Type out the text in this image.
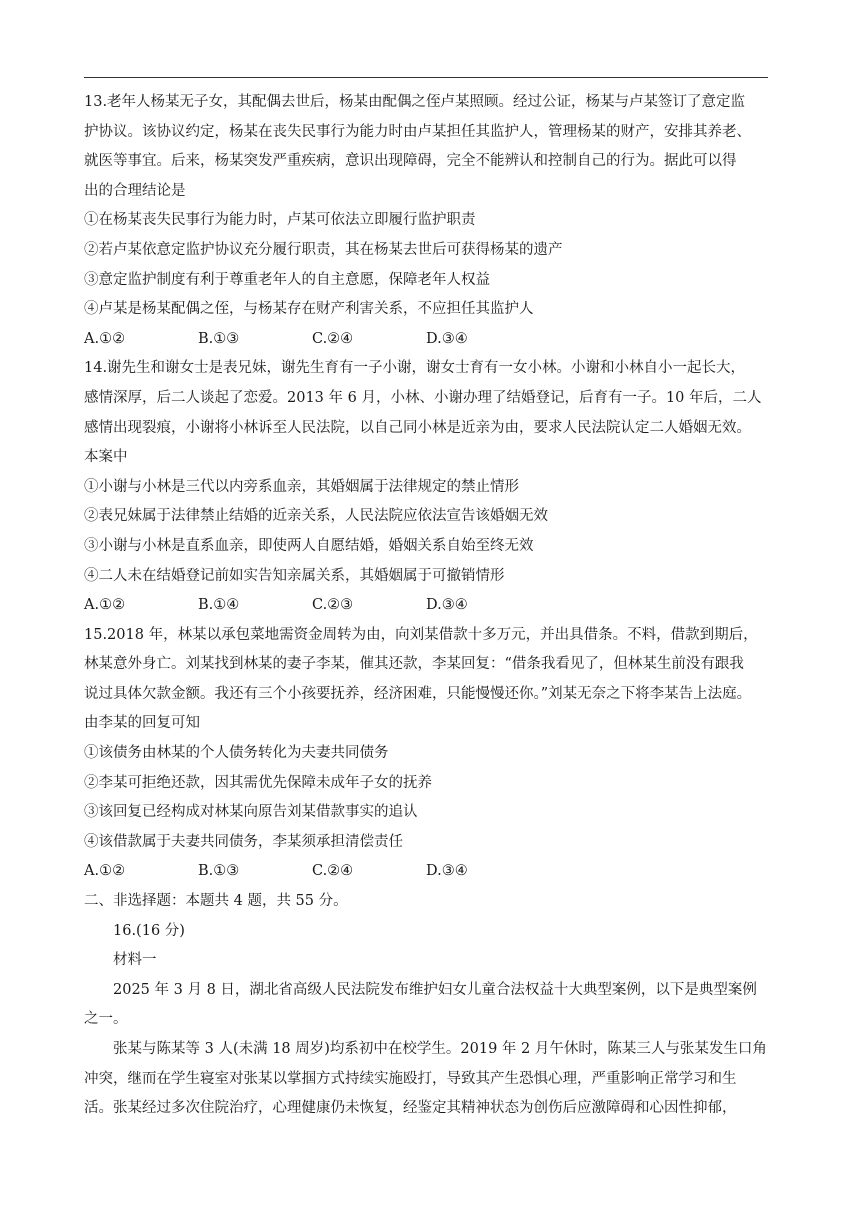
13.老年人杨某无子女，其配偶去世后，杨某由配偶之侄卢某照顾。经过公证，杨某与卢某签订了意定监
护协议。该协议约定，杨某在丧失民事行为能力时由卢某担任其监护人，管理杨某的财产，安排其养老、
就医等事宜。后来，杨某突发严重疾病，意识出现障碍，完全不能辨认和控制自己的行为。据此可以得
出的合理结论是
①在杨某丧失民事行为能力时，卢某可依法立即履行监护职责
②若卢某依意定监护协议充分履行职责，其在杨某去世后可获得杨某的遗产
③意定监护制度有利于尊重老年人的自主意愿，保障老年人权益
④卢某是杨某配偶之侄，与杨某存在财产利害关系，不应担任其监护人
A.①②	B.①③	C.②④	D.③④
14.谢先生和谢女士是表兄妹，谢先生育有一子小谢，谢女士育有一女小林。小谢和小林自小一起长大，
感情深厚，后二人谈起了恋爱。2013 年 6 月，小林、小谢办理了结婚登记，后育有一子。10 年后，二人
感情出现裂痕，小谢将小林诉至人民法院，以自己同小林是近亲为由，要求人民法院认定二人婚姻无效。
本案中
①小谢与小林是三代以内旁系血亲，其婚姻属于法律规定的禁止情形
②表兄妹属于法律禁止结婚的近亲关系，人民法院应依法宣告该婚姻无效
③小谢与小林是直系血亲，即使两人自愿结婚，婚姻关系自始至终无效
④二人未在结婚登记前如实告知亲属关系，其婚姻属于可撤销情形
A.①②	B.①④	C.②③	D.③④
15.2018 年，林某以承包菜地需资金周转为由，向刘某借款十多万元，并出具借条。不料，借款到期后，
林某意外身亡。刘某找到林某的妻子李某，催其还款，李某回复：“借条我看见了，但林某生前没有跟我
说过具体欠款金额。我还有三个小孩要抚养，经济困难，只能慢慢还你。”刘某无奈之下将李某告上法庭。
由李某的回复可知
①该债务由林某的个人债务转化为夫妻共同债务
②李某可拒绝还款，因其需优先保障未成年子女的抚养
③该回复已经构成对林某向原告刘某借款事实的追认
④该借款属于夫妻共同债务，李某须承担清偿责任
A.①②	B.①③	C.②④	D.③④
二、非选择题：本题共 4 题，共 55 分。
16.(16 分)
材料一
2025 年 3 月 8 日，湖北省高级人民法院发布维护妇女儿童合法权益十大典型案例，以下是典型案例
之一。
张某与陈某等 3 人(未满 18 周岁)均系初中在校学生。2019 年 2 月午休时，陈某三人与张某发生口角
冲突，继而在学生寝室对张某以掌掴方式持续实施殴打，导致其产生恐惧心理，严重影响正常学习和生
活。张某经过多次住院治疗，心理健康仍未恢复，经鉴定其精神状态为创伤后应激障碍和心因性抑郁，
